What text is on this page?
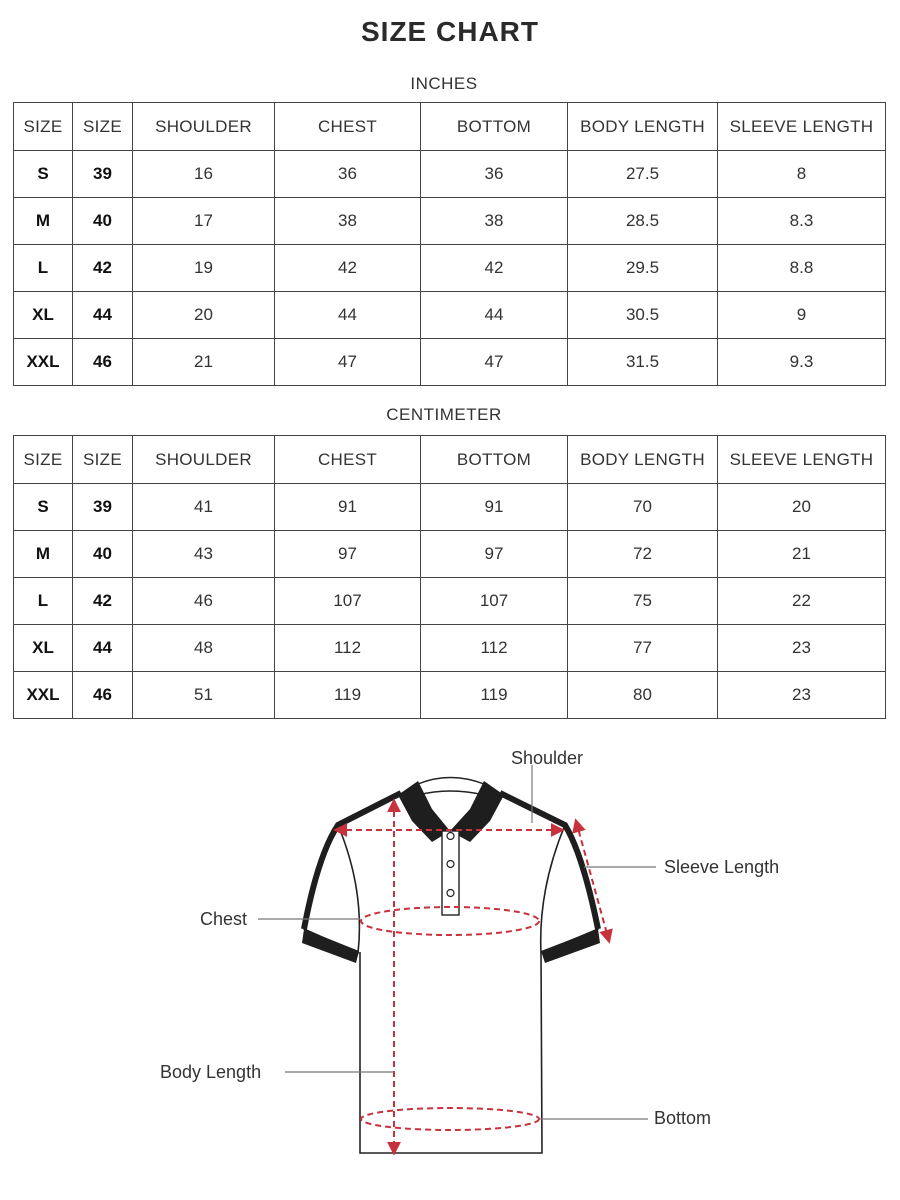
SIZE CHART
INCHES
SIZE	SIZE	SHOULDER	CHEST	BOTTOM	BODY LENGTH	SLEEVE LENGTH
S	39	16	36	36	27.5	8
M	40	17	38	38	28.5	8.3
L	42	19	42	42	29.5	8.8
XL	44	20	44	44	30.5	9
XXL	46	21	47	47	31.5	9.3
CENTIMETER
SIZE	SIZE	SHOULDER	CHEST	BOTTOM	BODY LENGTH	SLEEVE LENGTH
S	39	41	91	91	70	20
M	40	43	97	97	72	21
L	42	46	107	107	75	22
XL	44	48	112	112	77	23
XXL	46	51	119	119	80	23
Shoulder
Sleeve Length
Chest
Body Length
Bottom
